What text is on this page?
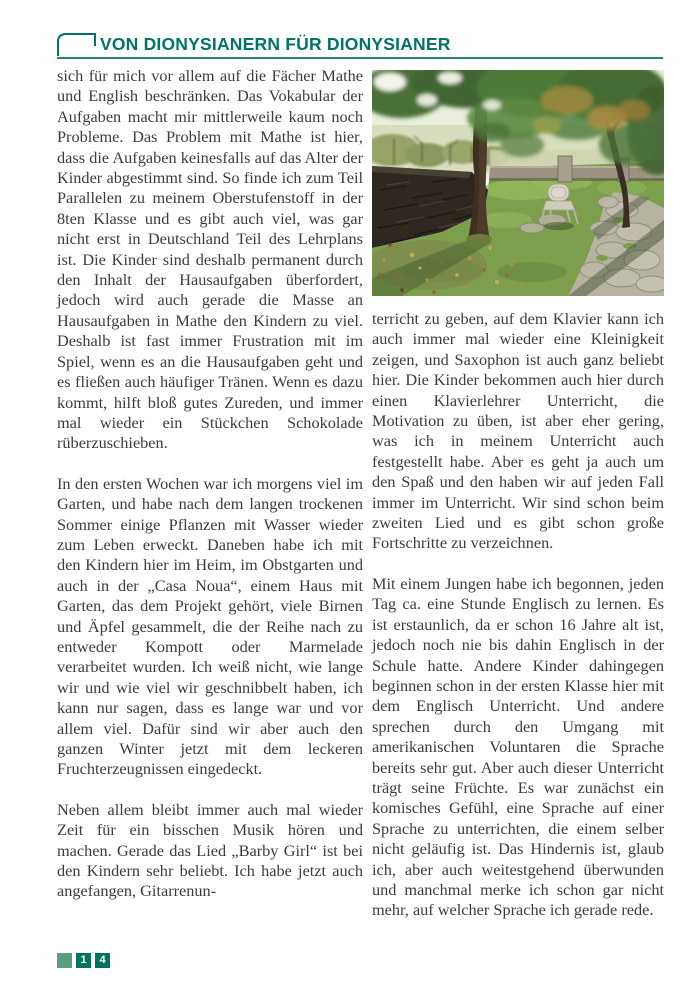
VON DIONYSIANERN FÜR DIONYSIANER

sich für mich vor allem auf die Fächer Mathe und English beschränken. Das Vokabular der Aufgaben macht mir mittlerweile kaum noch Probleme. Das Problem mit Mathe ist hier, dass die Aufgaben keinesfalls auf das Alter der Kinder abgestimmt sind. So finde ich zum Teil Parallelen zu meinem Oberstufenstoff in der 8ten Klasse und es gibt auch viel, was gar nicht erst in Deutschland Teil des Lehrplans ist. Die Kinder sind deshalb permanent durch den Inhalt der Hausaufgaben überfordert, jedoch wird auch gerade die Masse an Hausaufgaben in Mathe den Kindern zu viel. Deshalb ist fast immer Frustration mit im Spiel, wenn es an die Hausaufgaben geht und es fließen auch häufiger Tränen. Wenn es dazu kommt, hilft bloß gutes Zureden, und immer mal wieder ein Stückchen Schokolade rüberzuschieben.

In den ersten Wochen war ich morgens viel im Garten, und habe nach dem langen trockenen Sommer einige Pflanzen mit Wasser wieder zum Leben erweckt. Daneben habe ich mit den Kindern hier im Heim, im Obstgarten und auch in der „Casa Noua“, einem Haus mit Garten, das dem Projekt gehört, viele Birnen und Äpfel gesammelt, die der Reihe nach zu entweder Kompott oder Marmelade verarbeitet wurden. Ich weiß nicht, wie lange wir und wie viel wir geschnibbelt haben, ich kann nur sagen, dass es lange war und vor allem viel. Dafür sind wir aber auch den ganzen Winter jetzt mit dem leckeren Fruchterzeugnissen eingedeckt.

Neben allem bleibt immer auch mal wieder Zeit für ein bisschen Musik hören und machen. Gerade das Lied „Barby Girl“ ist bei den Kindern sehr beliebt. Ich habe jetzt auch angefangen, Gitarrenun-

terricht zu geben, auf dem Klavier kann ich auch immer mal wieder eine Kleinigkeit zeigen, und Saxophon ist auch ganz beliebt hier. Die Kinder bekommen auch hier durch einen Klavierlehrer Unterricht, die Motivation zu üben, ist aber eher gering, was ich in meinem Unterricht auch festgestellt habe. Aber es geht ja auch um den Spaß und den haben wir auf jeden Fall immer im Unterricht. Wir sind schon beim zweiten Lied und es gibt schon große Fortschritte zu verzeichnen.

Mit einem Jungen habe ich begonnen, jeden Tag ca. eine Stunde Englisch zu lernen. Es ist erstaunlich, da er schon 16 Jahre alt ist, jedoch noch nie bis dahin Englisch in der Schule hatte. Andere Kinder dahingegen beginnen schon in der ersten Klasse hier mit dem Englisch Unterricht. Und andere sprechen durch den Umgang mit amerikanischen Voluntaren die Sprache bereits sehr gut. Aber auch dieser Unterricht trägt seine Früchte. Es war zunächst ein komisches Gefühl, eine Sprache auf einer Sprache zu unterrichten, die einem selber nicht geläufig ist. Das Hindernis ist, glaub ich, aber auch weitestgehend überwunden und manchmal merke ich schon gar nicht mehr, auf welcher Sprache ich gerade rede.

1	4
